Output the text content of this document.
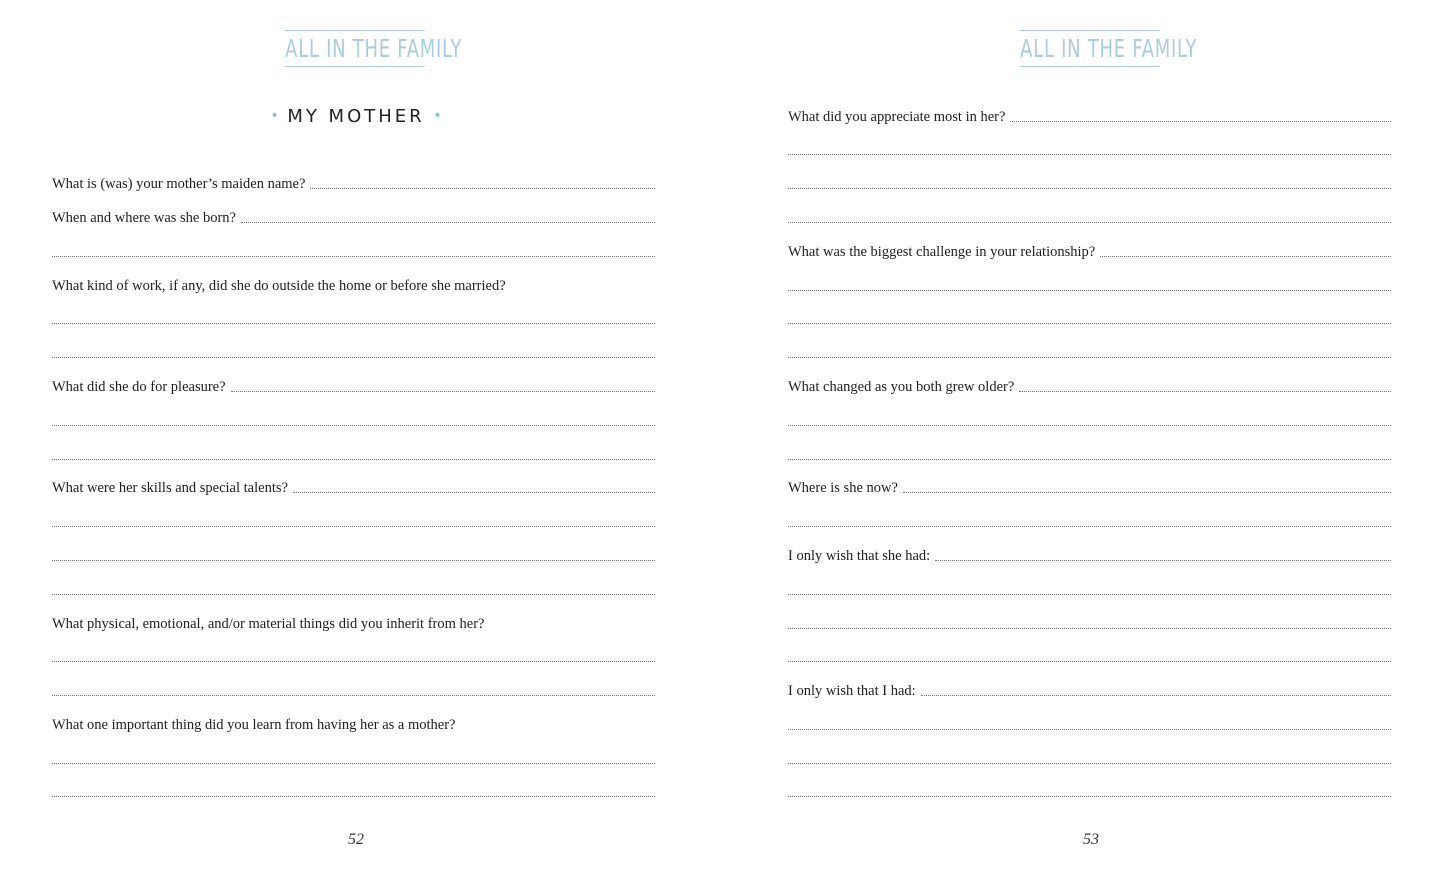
ALL IN THE FAMILY
• MY MOTHER •
What is (was) your mother’s maiden name?
When and where was she born?
What kind of work, if any, did she do outside the home or before she married?
What did she do for pleasure?
What were her skills and special talents?
What physical, emotional, and/or material things did you inherit from her?
What one important thing did you learn from having her as a mother?
52
ALL IN THE FAMILY
What did you appreciate most in her?
What was the biggest challenge in your relationship?
What changed as you both grew older?
Where is she now?
I only wish that she had:
I only wish that I had:
53
